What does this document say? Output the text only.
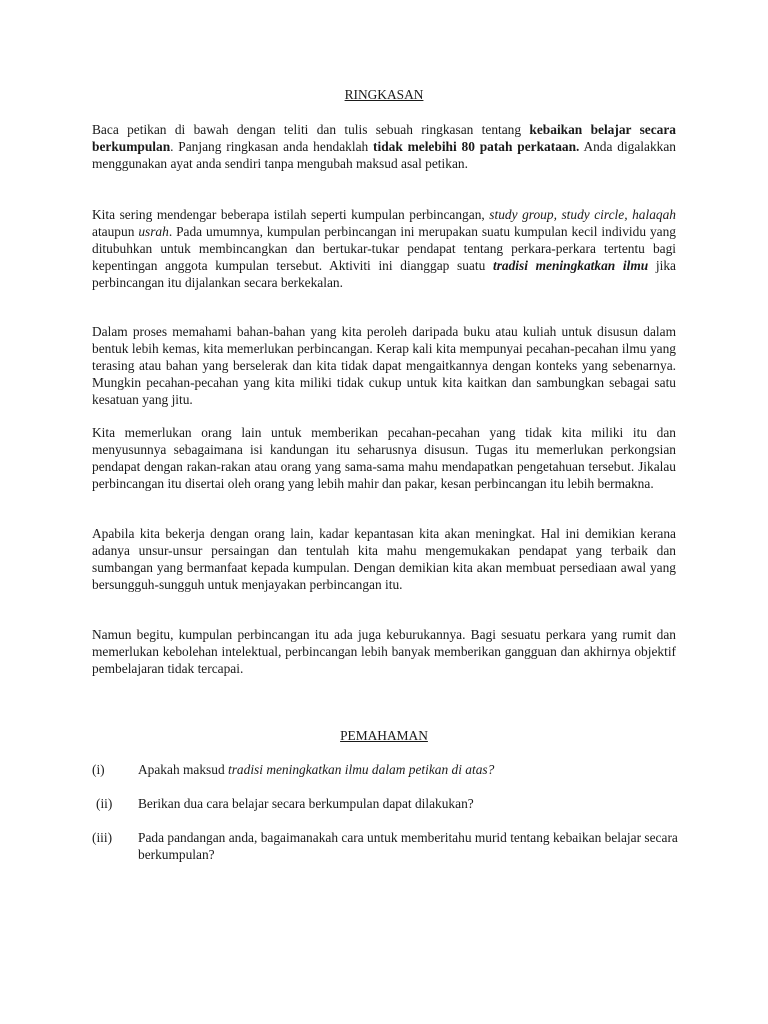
RINGKASAN

Baca petikan di bawah dengan teliti dan tulis sebuah ringkasan tentang kebaikan belajar secara berkumpulan. Panjang ringkasan anda hendaklah tidak melebihi 80 patah perkataan. Anda digalakkan menggunakan ayat anda sendiri tanpa mengubah maksud asal petikan.

Kita sering mendengar beberapa istilah seperti kumpulan perbincangan, study group, study circle, halaqah ataupun usrah. Pada umumnya, kumpulan perbincangan ini merupakan suatu kumpulan kecil individu yang ditubuhkan untuk membincangkan dan bertukar-tukar pendapat tentang perkara-perkara tertentu bagi kepentingan anggota kumpulan tersebut. Aktiviti ini dianggap suatu tradisi meningkatkan ilmu jika perbincangan itu dijalankan secara berkekalan.

Dalam proses memahami bahan-bahan yang kita peroleh daripada buku atau kuliah untuk disusun dalam bentuk lebih kemas, kita memerlukan perbincangan. Kerap kali kita mempunyai pecahan-pecahan ilmu yang terasing atau bahan yang berselerak dan kita tidak dapat mengaitkannya dengan konteks yang sebenarnya. Mungkin pecahan-pecahan yang kita miliki tidak cukup untuk kita kaitkan dan sambungkan sebagai satu kesatuan yang jitu.

Kita memerlukan orang lain untuk memberikan pecahan-pecahan yang tidak kita miliki itu dan menyusunnya sebagaimana isi kandungan itu seharusnya disusun. Tugas itu memerlukan perkongsian pendapat dengan rakan-rakan atau orang yang sama-sama mahu mendapatkan pengetahuan tersebut. Jikalau perbincangan itu disertai oleh orang yang lebih mahir dan pakar, kesan perbincangan itu lebih bermakna.

Apabila kita bekerja dengan orang lain, kadar kepantasan kita akan meningkat. Hal ini demikian kerana adanya unsur-unsur persaingan dan tentulah kita mahu mengemukakan pendapat yang terbaik dan sumbangan yang bermanfaat kepada kumpulan. Dengan demikian kita akan membuat persediaan awal yang bersungguh-sungguh untuk menjayakan perbincangan itu.

Namun begitu, kumpulan perbincangan itu ada juga keburukannya. Bagi sesuatu perkara yang rumit dan memerlukan kebolehan intelektual, perbincangan lebih banyak memberikan gangguan dan akhirnya objektif pembelajaran tidak tercapai.

PEMAHAMAN
(i) Apakah maksud tradisi meningkatkan ilmu dalam petikan di atas?
(ii) Berikan dua cara belajar secara berkumpulan dapat dilakukan?
(iii) Pada pandangan anda, bagaimanakah cara untuk memberitahu murid tentang kebaikan belajar secara berkumpulan?
